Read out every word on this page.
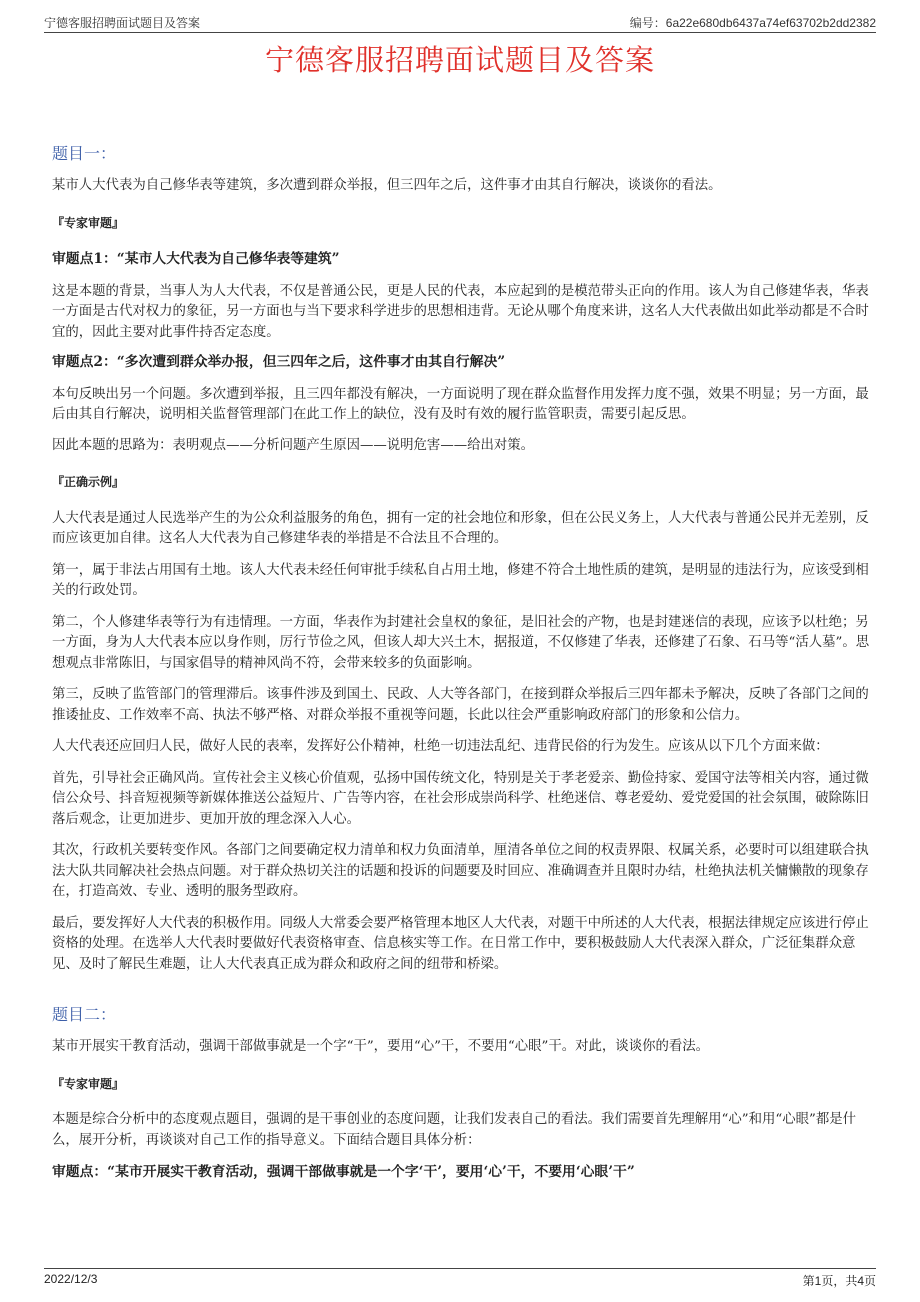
宁德客服招聘面试题目及答案	编号：6a22e680db6437a74ef63702b2dd2382
宁德客服招聘面试题目及答案
题目一：

某市人大代表为自己修华表等建筑，多次遭到群众举报，但三四年之后，这件事才由其自行解决，谈谈你的看法。

『专家审题』

审题点1：“某市人大代表为自己修华表等建筑”

这是本题的背景，当事人为人大代表，不仅是普通公民，更是人民的代表，本应起到的是模范带头正向的作用。该人为自己修建华表，华表一方面是古代对权力的象征，另一方面也与当下要求科学进步的思想相违背。无论从哪个角度来讲，这名人大代表做出如此举动都是不合时宜的，因此主要对此事件持否定态度。

审题点2：“多次遭到群众举办报，但三四年之后，这件事才由其自行解决”

本句反映出另一个问题。多次遭到举报，且三四年都没有解决，一方面说明了现在群众监督作用发挥力度不强，效果不明显；另一方面，最后由其自行解决，说明相关监督管理部门在此工作上的缺位，没有及时有效的履行监管职责，需要引起反思。

因此本题的思路为：表明观点——分析问题产生原因——说明危害——给出对策。

『正确示例』

人大代表是通过人民选举产生的为公众利益服务的角色，拥有一定的社会地位和形象，但在公民义务上，人大代表与普通公民并无差别，反而应该更加自律。这名人大代表为自己修建华表的举措是不合法且不合理的。

第一，属于非法占用国有土地。该人大代表未经任何审批手续私自占用土地，修建不符合土地性质的建筑，是明显的违法行为，应该受到相关的行政处罚。

第二，个人修建华表等行为有违情理。一方面，华表作为封建社会皇权的象征，是旧社会的产物，也是封建迷信的表现，应该予以杜绝；另一方面，身为人大代表本应以身作则，厉行节俭之风，但该人却大兴土木，据报道，不仅修建了华表，还修建了石象、石马等“活人墓”。思想观点非常陈旧，与国家倡导的精神风尚不符，会带来较多的负面影响。

第三，反映了监管部门的管理滞后。该事件涉及到国土、民政、人大等各部门，在接到群众举报后三四年都未予解决，反映了各部门之间的推诿扯皮、工作效率不高、执法不够严格、对群众举报不重视等问题，长此以往会严重影响政府部门的形象和公信力。

人大代表还应回归人民，做好人民的表率，发挥好公仆精神，杜绝一切违法乱纪、违背民俗的行为发生。应该从以下几个方面来做：

首先，引导社会正确风尚。宣传社会主义核心价值观，弘扬中国传统文化，特别是关于孝老爱亲、勤俭持家、爱国守法等相关内容，通过微信公众号、抖音短视频等新媒体推送公益短片、广告等内容，在社会形成崇尚科学、杜绝迷信、尊老爱幼、爱党爱国的社会氛围，破除陈旧落后观念，让更加进步、更加开放的理念深入人心。

其次，行政机关要转变作风。各部门之间要确定权力清单和权力负面清单，厘清各单位之间的权责界限、权属关系，必要时可以组建联合执法大队共同解决社会热点问题。对于群众热切关注的话题和投诉的问题要及时回应、准确调查并且限时办结，杜绝执法机关慵懒散的现象存在，打造高效、专业、透明的服务型政府。

最后，要发挥好人大代表的积极作用。同级人大常委会要严格管理本地区人大代表，对题干中所述的人大代表，根据法律规定应该进行停止资格的处理。在选举人大代表时要做好代表资格审查、信息核实等工作。在日常工作中，要积极鼓励人大代表深入群众，广泛征集群众意见、及时了解民生难题，让人大代表真正成为群众和政府之间的纽带和桥梁。

题目二：

某市开展实干教育活动，强调干部做事就是一个字“干”，要用“心”干，不要用“心眼”干。对此，谈谈你的看法。

『专家审题』

本题是综合分析中的态度观点题目，强调的是干事创业的态度问题，让我们发表自己的看法。我们需要首先理解用“心”和用“心眼”都是什么，展开分析，再谈谈对自己工作的指导意义。下面结合题目具体分析：

审题点：“某市开展实干教育活动，强调干部做事就是一个字‘干’，要用‘心’干，不要用‘心眼’干”

2022/12/3	第1页，共4页
